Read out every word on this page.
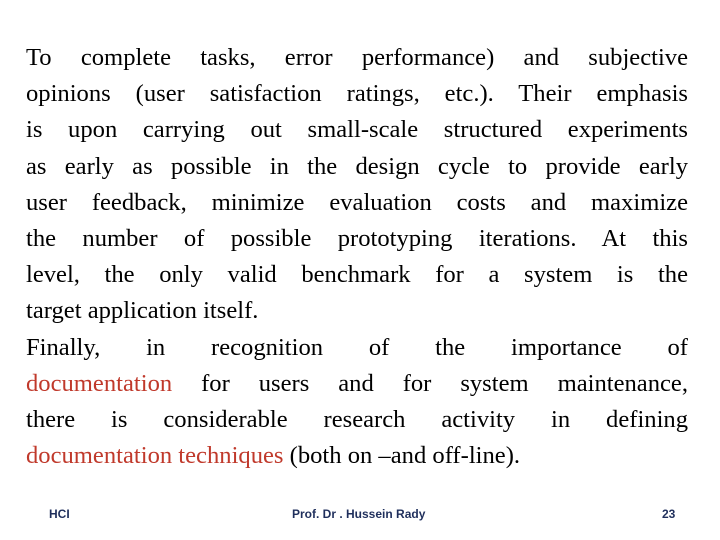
To complete tasks, error performance) and subjective
opinions (user satisfaction ratings, etc.). Their emphasis
is upon carrying out small-scale structured experiments
as early as possible in the design cycle to provide early
user feedback, minimize evaluation costs and maximize
the number of possible prototyping iterations. At this
level, the only valid benchmark for a system is the
target application itself.
Finally, in recognition of the importance of
documentation for users and for system maintenance,
there is considerable research activity in defining
documentation techniques (both on –and off-line).
HCI	Prof. Dr . Hussein Rady	23
